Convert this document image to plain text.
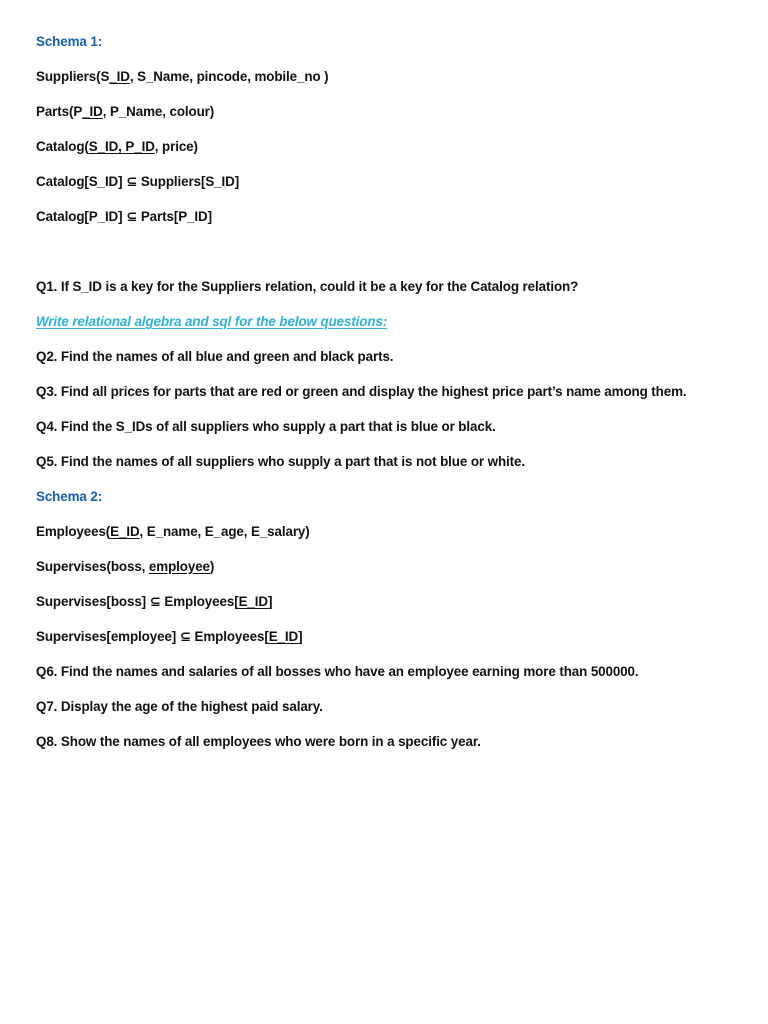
Schema 1:

Suppliers(S_ID, S_Name, pincode, mobile_no )

Parts(P_ID, P_Name, colour)

Catalog(S_ID, P_ID, price)

Catalog[S_ID] ⊆ Suppliers[S_ID]

Catalog[P_ID] ⊆ Parts[P_ID]

Q1. If S_ID is a key for the Suppliers relation, could it be a key for the Catalog relation?

Write relational algebra and sql for the below questions:

Q2. Find the names of all blue and green and black parts.

Q3. Find all prices for parts that are red or green and display the highest price part’s name among them.

Q4. Find the S_IDs of all suppliers who supply a part that is blue or black.

Q5. Find the names of all suppliers who supply a part that is not blue or white.

Schema 2:

Employees(E_ID, E_name, E_age, E_salary)

Supervises(boss, employee)

Supervises[boss] ⊆ Employees[E_ID]

Supervises[employee] ⊆ Employees[E_ID]

Q6. Find the names and salaries of all bosses who have an employee earning more than 500000.

Q7. Display the age of the highest paid salary.

Q8. Show the names of all employees who were born in a specific year.
